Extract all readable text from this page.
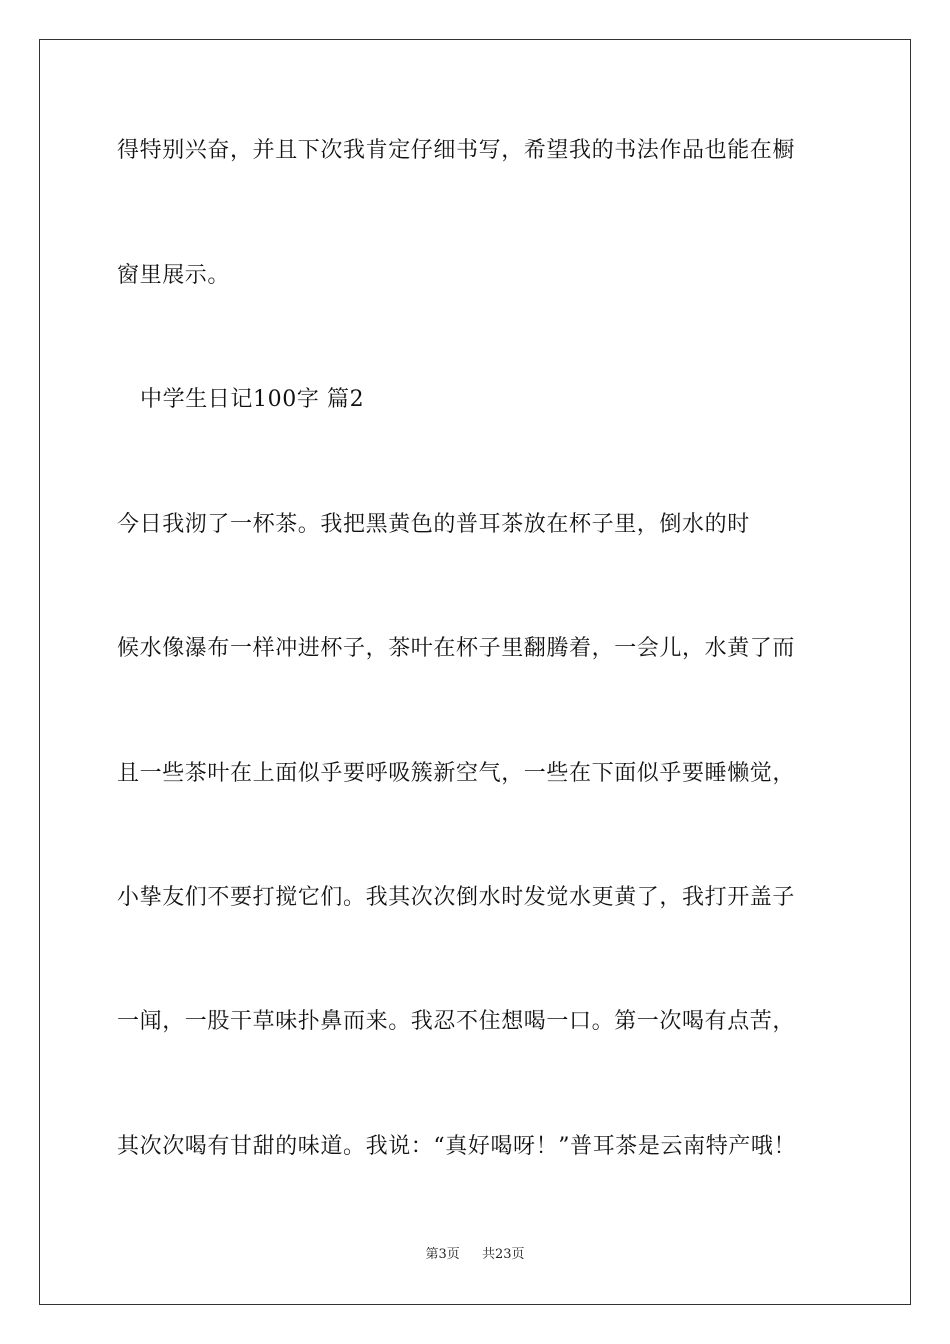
得特别兴奋，并且下次我肯定仔细书写，希望我的书法作品也能在橱
窗里展示。
中学生日记100字 篇2
今日我沏了一杯茶。我把黑黄色的普耳茶放在杯子里，倒水的时
候水像瀑布一样冲进杯子，茶叶在杯子里翻腾着，一会儿，水黄了而
且一些茶叶在上面似乎要呼吸簇新空气，一些在下面似乎要睡懒觉，
小挚友们不要打搅它们。我其次次倒水时发觉水更黄了，我打开盖子
一闻，一股干草味扑鼻而来。我忍不住想喝一口。第一次喝有点苦，
其次次喝有甘甜的味道。我说：“真好喝呀！”普耳茶是云南特产哦！
第3页 共23页
